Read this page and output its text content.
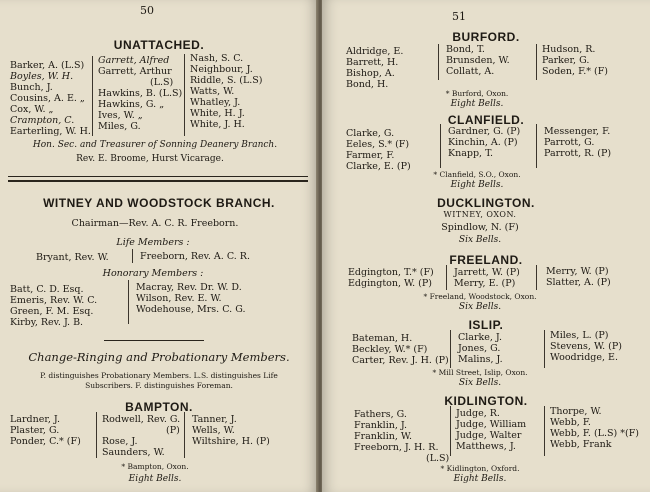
50
UNATTACHED.
Barker, A. (L.S)
Boyles, W. H.
Bunch, J.
Cousins, A. E. „
Cox, W. „
Crampton, C.
Earterling, W. H.
Garrett, Alfred
Garrett, Arthur
(L.S)
Hawkins, B. (L.S)
Hawkins, G. „
Ives, W. „
Miles, G.
Nash, S. C.
Neighbour, J.
Riddle, S. (L.S)
Watts, W.
Whatley, J.
White, H. J.
White, J. H.
Hon. Sec. and Treasurer of Sonning Deanery Branch.
Rev. E. Broome, Hurst Vicarage.
WITNEY AND WOODSTOCK BRANCH.
Chairman—Rev. A. C. R. Freeborn.
Life Members :
Bryant, Rev. W.	Freeborn, Rev. A. C. R.
Honorary Members :
Batt, C. D. Esq.
Emeris, Rev. W. C.
Green, F. M. Esq.
Kirby, Rev. J. B.
Macray, Rev. Dr. W. D.
Wilson, Rev. E. W.
Wodehouse, Mrs. C. G.
Change-Ringing and Probationary Members.
P. distinguishes Probationary Members. L.S. distinguishes Life
Subscribers. F. distinguishes Foreman.
BAMPTON.
Lardner, J.
Plaster, G.
Ponder, C.* (F)
Rodwell, Rev. G.
(P)
Rose, J.
Saunders, W.
Tanner, J.
Wells, W.
Wiltshire, H. (P)
* Bampton, Oxon.
Eight Bells.
51
BURFORD.
Aldridge, E.
Barrett, H.
Bishop, A.
Bond, H.
Bond, T.
Brunsden, W.
Collatt, A.
Hudson, R.
Parker, G.
Soden, F.* (F)
* Burford, Oxon.
Eight Bells.
CLANFIELD.
Clarke, G.
Eeles, S.* (F)
Farmer, F.
Clarke, E. (P)
Gardner, G. (P)
Kinchin, A. (P)
Knapp, T.
Messenger, F.
Parrott, G.
Parrott, R. (P)
* Clanfield, S.O., Oxon.
Eight Bells.
DUCKLINGTON.
WITNEY, OXON.
Spindlow, N. (F)
Six Bells.
FREELAND.
Edgington, T.* (F)
Edgington, W. (P)
Jarrett, W. (P)
Merry, E. (P)
Merry, W. (P)
Slatter, A. (P)
* Freeland, Woodstock, Oxon.
Six Bells.
ISLIP.
Bateman, H.
Beckley, W.* (F)
Carter, Rev. J. H. (P)
Clarke, J.
Jones, G.
Malins, J.
Miles, L. (P)
Stevens, W. (P)
Woodridge, E.
* Mill Street, Islip, Oxon.
Six Bells.
KIDLINGTON.
Fathers, G.
Franklin, J.
Franklin, W.
Freeborn, J. H. R.
(L.S)
Judge, R.
Judge, William
Judge, Walter
Matthews, J.
Thorpe, W.
Webb, F.
Webb, F. (L.S) *(F)
Webb, Frank
* Kidlington, Oxford.
Eight Bells.
